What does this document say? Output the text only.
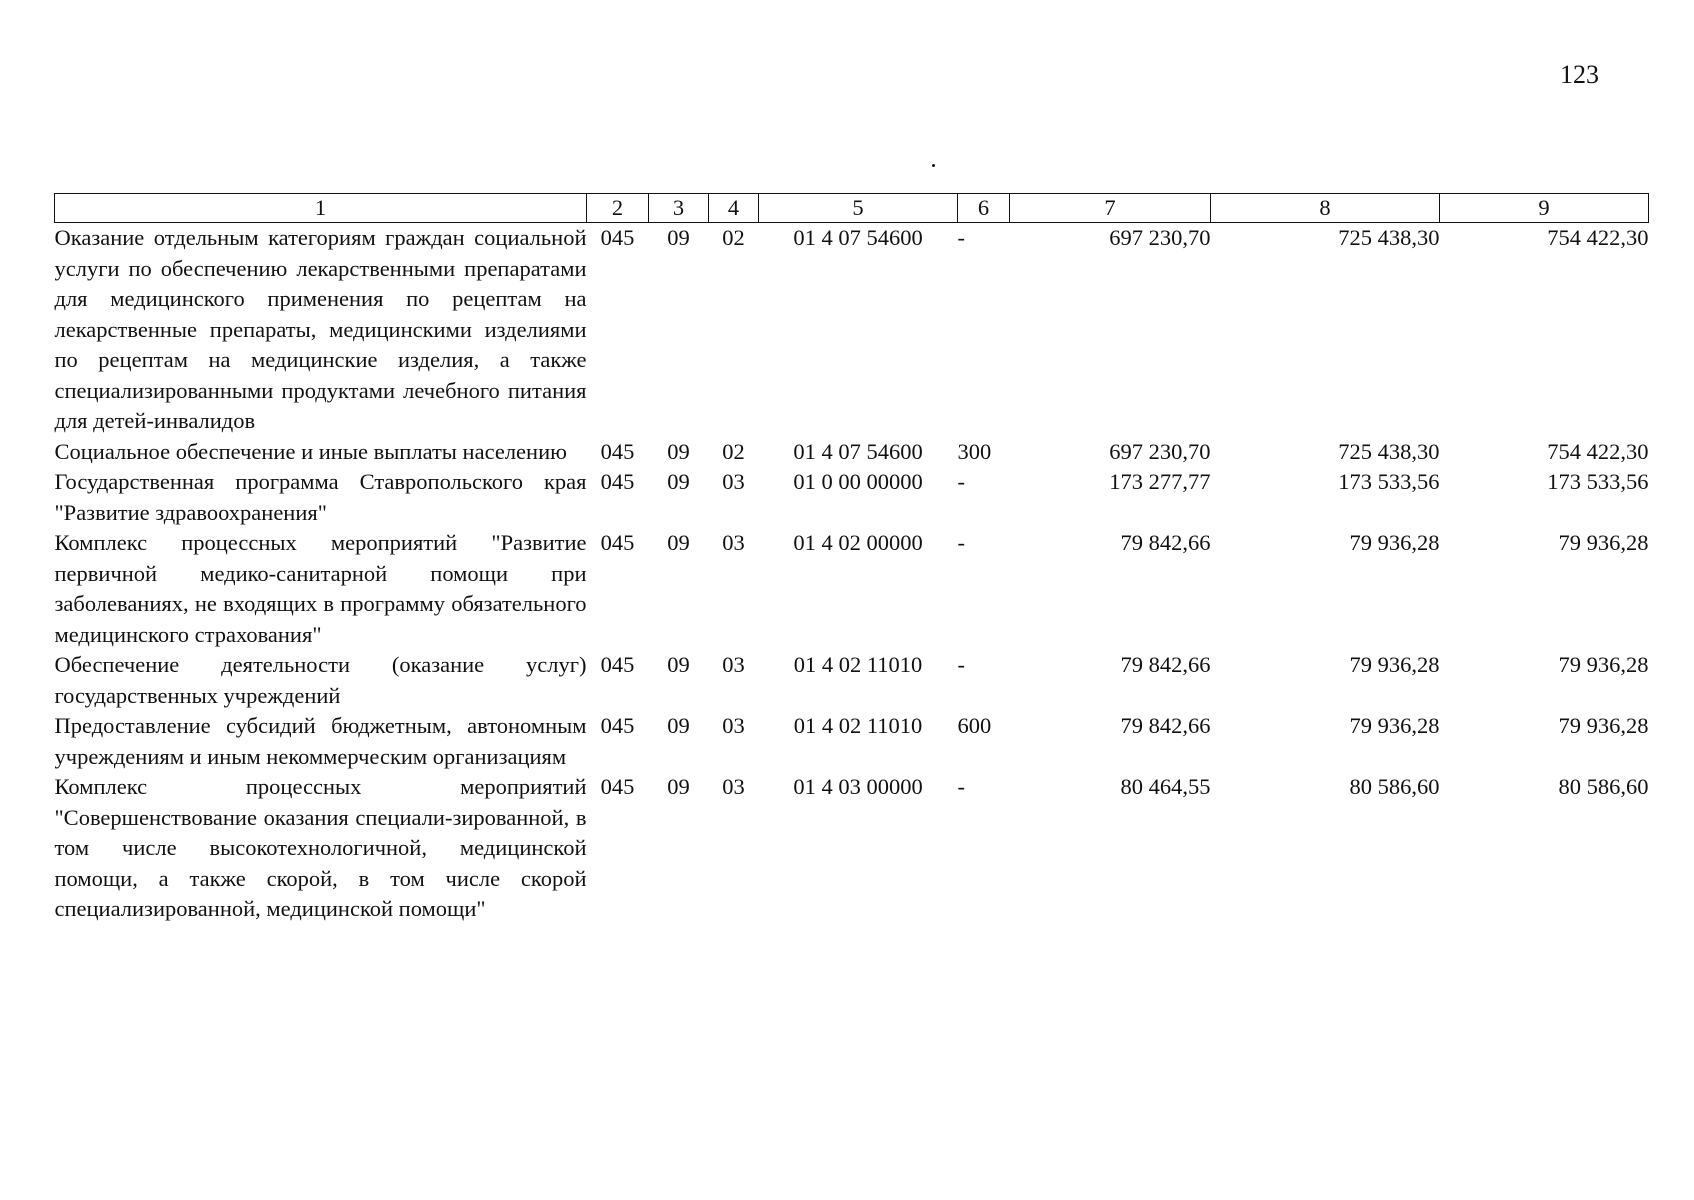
123
1	2	3	4	5	6	7	8	9
Оказание отдельным категориям граждан социальной услуги по обеспечению лекарственными препаратами для медицинского применения по рецептам на лекарственные препараты, медицинскими изделиями по рецептам на медицинские изделия, а также специализированными продуктами лечебного питания для детей-инвалидов	045	09	02	01 4 07 54600	-	697 230,70	725 438,30	754 422,30
Социальное обеспечение и иные выплаты населению	045	09	02	01 4 07 54600	300	697 230,70	725 438,30	754 422,30
Государственная программа Ставропольского края "Развитие здравоохранения"	045	09	03	01 0 00 00000	-	173 277,77	173 533,56	173 533,56
Комплекс процессных мероприятий "Развитие первичной медико-санитарной помощи при заболеваниях, не входящих в программу обязательного медицинского страхования"	045	09	03	01 4 02 00000	-	79 842,66	79 936,28	79 936,28
Обеспечение деятельности (оказание услуг) государственных учреждений	045	09	03	01 4 02 11010	-	79 842,66	79 936,28	79 936,28
Предоставление субсидий бюджетным, автономным учреждениям и иным некоммерческим организациям	045	09	03	01 4 02 11010	600	79 842,66	79 936,28	79 936,28
Комплекс процессных мероприятий "Совершенствование оказания специали-зированной, в том числе высокотехнологичной, медицинской помощи, а также скорой, в том числе скорой специализированной, медицинской помощи"	045	09	03	01 4 03 00000	-	80 464,55	80 586,60	80 586,60
